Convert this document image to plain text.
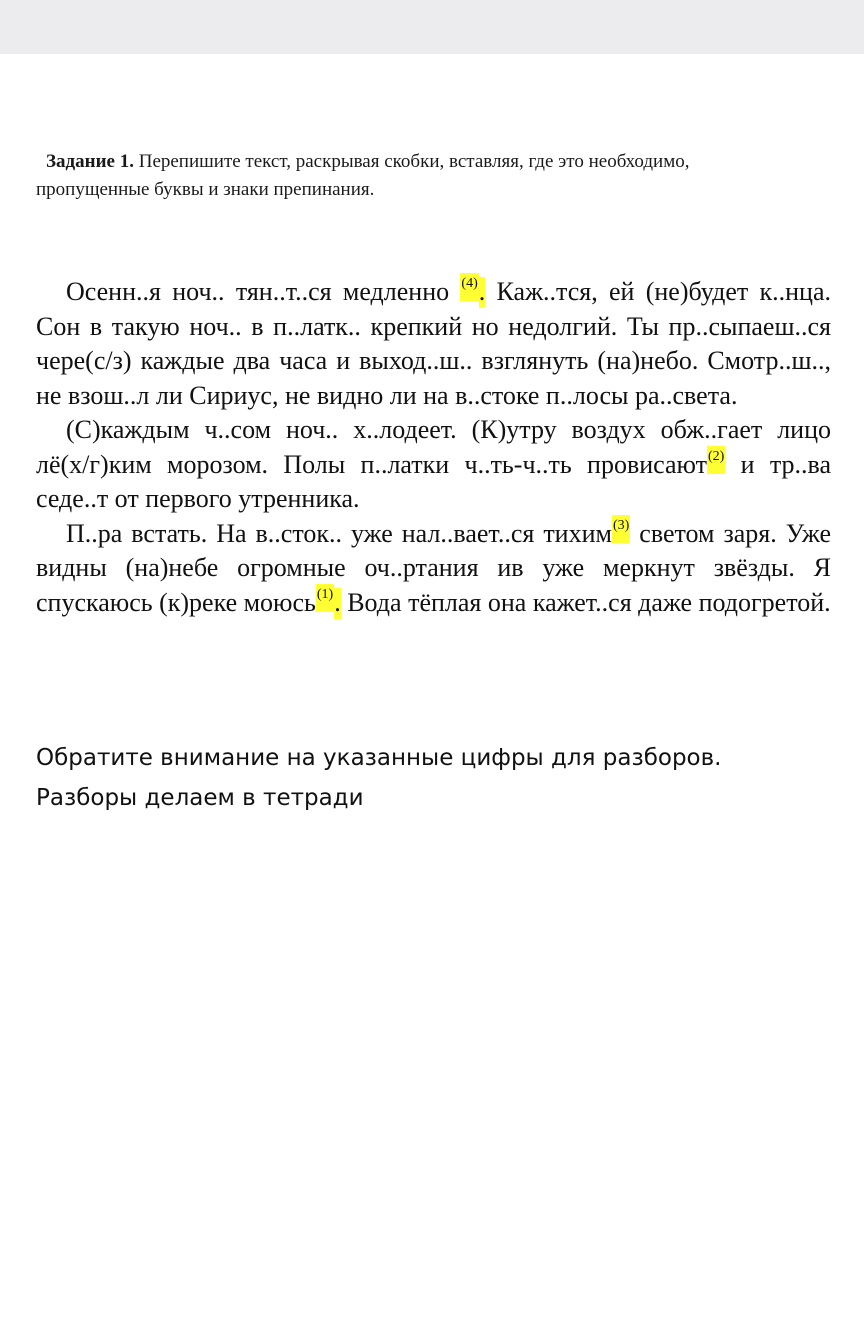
Задание 1. Перепишите текст, раскрывая скобки, вставляя, где это необходимо, пропущенные буквы и знаки препинания.

Осенн..я ноч.. тян..т..ся медленно $^{(4)}$. Каж..тся, ей (не)будет к..нца. Сон в такую ноч.. в п..латк.. крепкий но недолгий. Ты пр..сыпаеш..ся чере(с/з) каждые два часа и выход..ш.. взглянуть (на)небо. Смотр..ш.., не взош..л ли Сириус, не видно ли на в..стоке п..лосы ра..света.

(С)каждым ч..сом ноч.. х..лодеет. (К)утру воздух обж..гает лицо лё(х/г)ким морозом. Полы п..латки ч..ть-ч..ть провисают$^{(2)}$ и тр..ва седе..т от первого утренника.

П..ра встать. На в..сток.. уже нал..вает..ся тихим$^{(3)}$ светом заря. Уже видны (на)небе огромные оч..ртания ив уже меркнут звёзды. Я спускаюсь (к)реке моюсь$^{(1)}$. Вода тёплая она кажет..ся даже подогретой.

Обратите внимание на указанные цифры для разборов.
Разборы делаем в тетради
